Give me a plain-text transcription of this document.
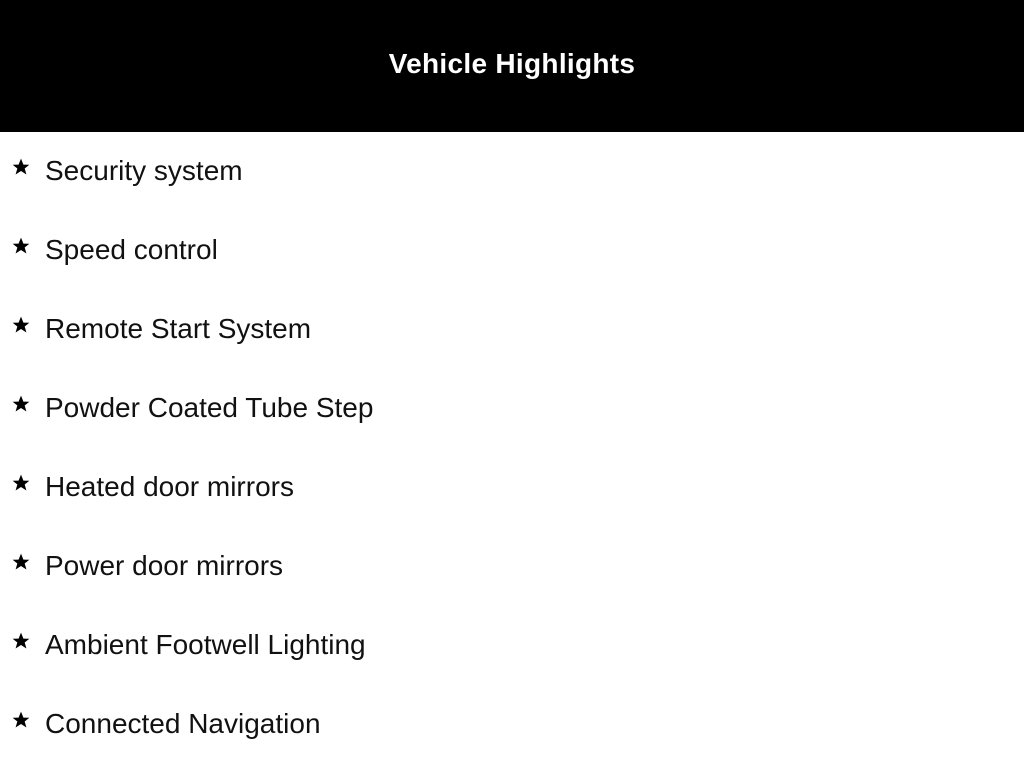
Vehicle Highlights
Security system
Speed control
Remote Start System
Powder Coated Tube Step
Heated door mirrors
Power door mirrors
Ambient Footwell Lighting
Connected Navigation
